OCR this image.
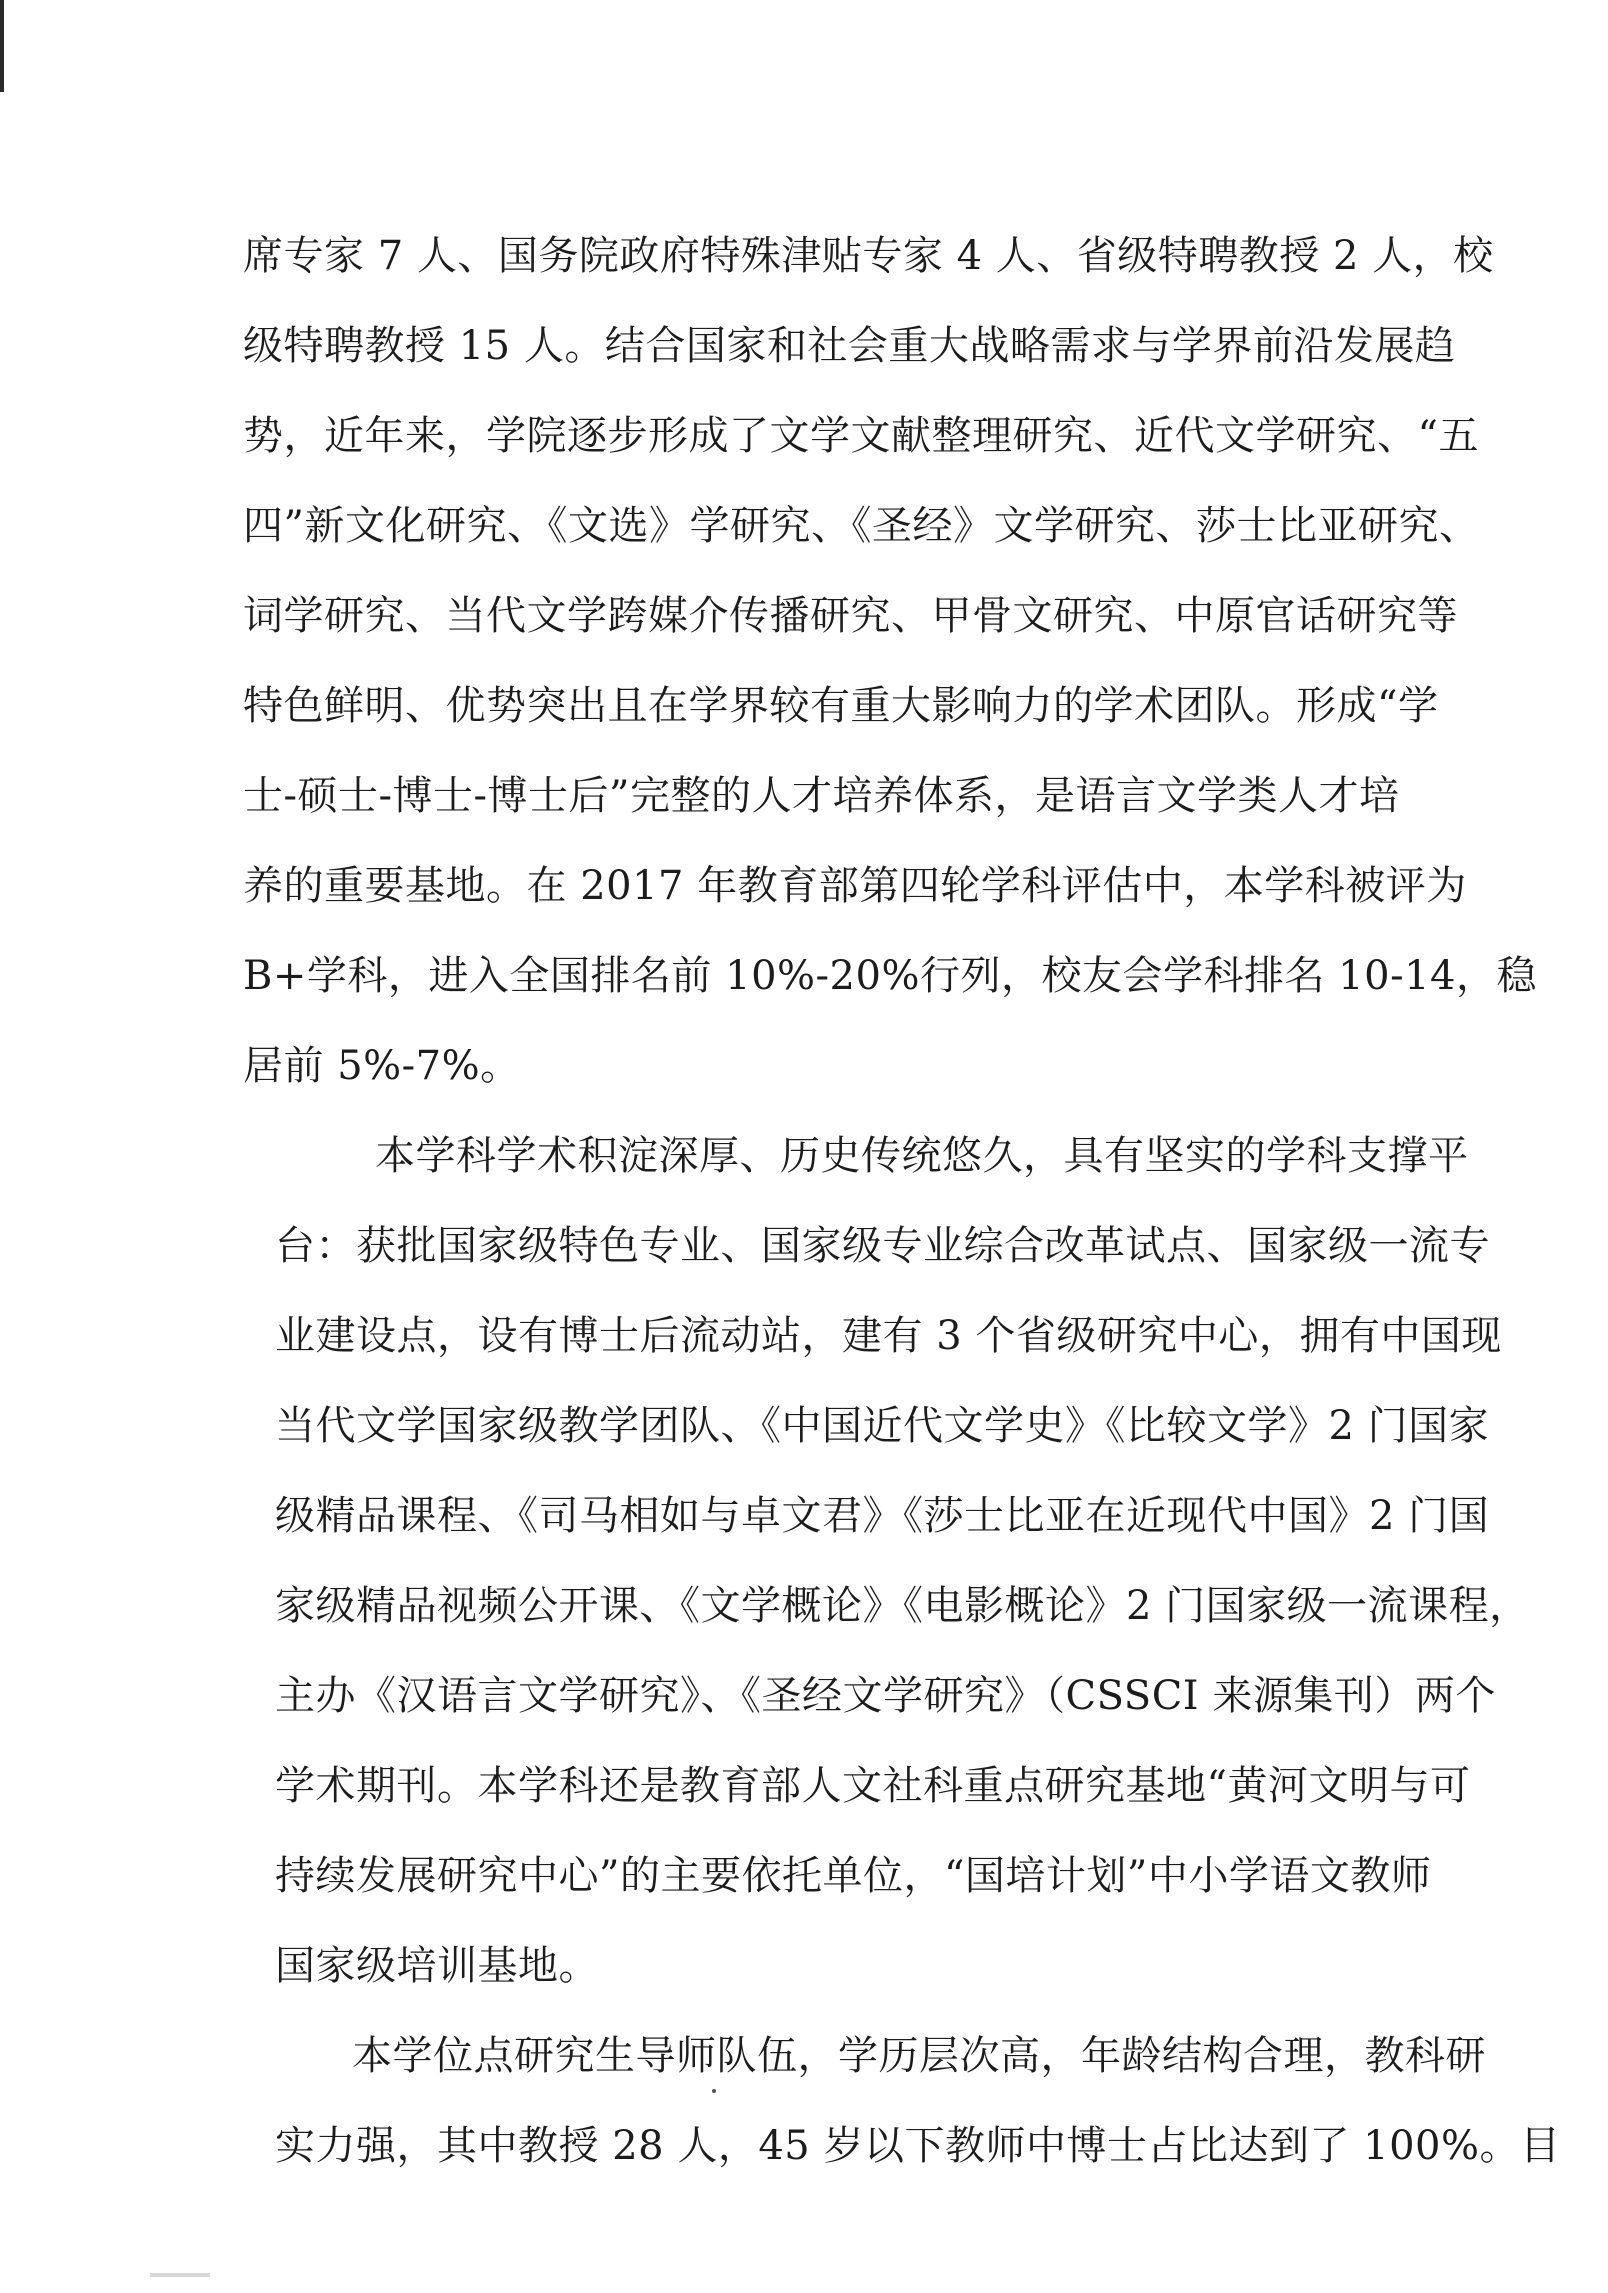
席专家 7 人、国务院政府特殊津贴专家 4 人、省级特聘教授 2 人，校
级特聘教授 15 人。结合国家和社会重大战略需求与学界前沿发展趋
势，近年来，学院逐步形成了文学文献整理研究、近代文学研究、“五
四”新文化研究、《文选》学研究、《圣经》文学研究、莎士比亚研究、
词学研究、当代文学跨媒介传播研究、甲骨文研究、中原官话研究等
特色鲜明、优势突出且在学界较有重大影响力的学术团队。形成“学
士-硕士-博士-博士后”完整的人才培养体系，是语言文学类人才培
养的重要基地。在 2017 年教育部第四轮学科评估中，本学科被评为
B+学科，进入全国排名前 10%-20%行列，校友会学科排名 10-14，稳
居前 5%-7%。
本学科学术积淀深厚、历史传统悠久，具有坚实的学科支撑平
台：获批国家级特色专业、国家级专业综合改革试点、国家级一流专
业建设点，设有博士后流动站，建有 3 个省级研究中心，拥有中国现
当代文学国家级教学团队、《中国近代文学史》《比较文学》2 门国家
级精品课程、《司马相如与卓文君》《莎士比亚在近现代中国》2 门国
家级精品视频公开课、《文学概论》《电影概论》2 门国家级一流课程，
主办《汉语言文学研究》、《圣经文学研究》（CSSCI 来源集刊）两个
学术期刊。本学科还是教育部人文社科重点研究基地“黄河文明与可
持续发展研究中心”的主要依托单位，“国培计划”中小学语文教师
国家级培训基地。
本学位点研究生导师队伍，学历层次高，年龄结构合理，教科研
实力强，其中教授 28 人，45 岁以下教师中博士占比达到了 100%。目
